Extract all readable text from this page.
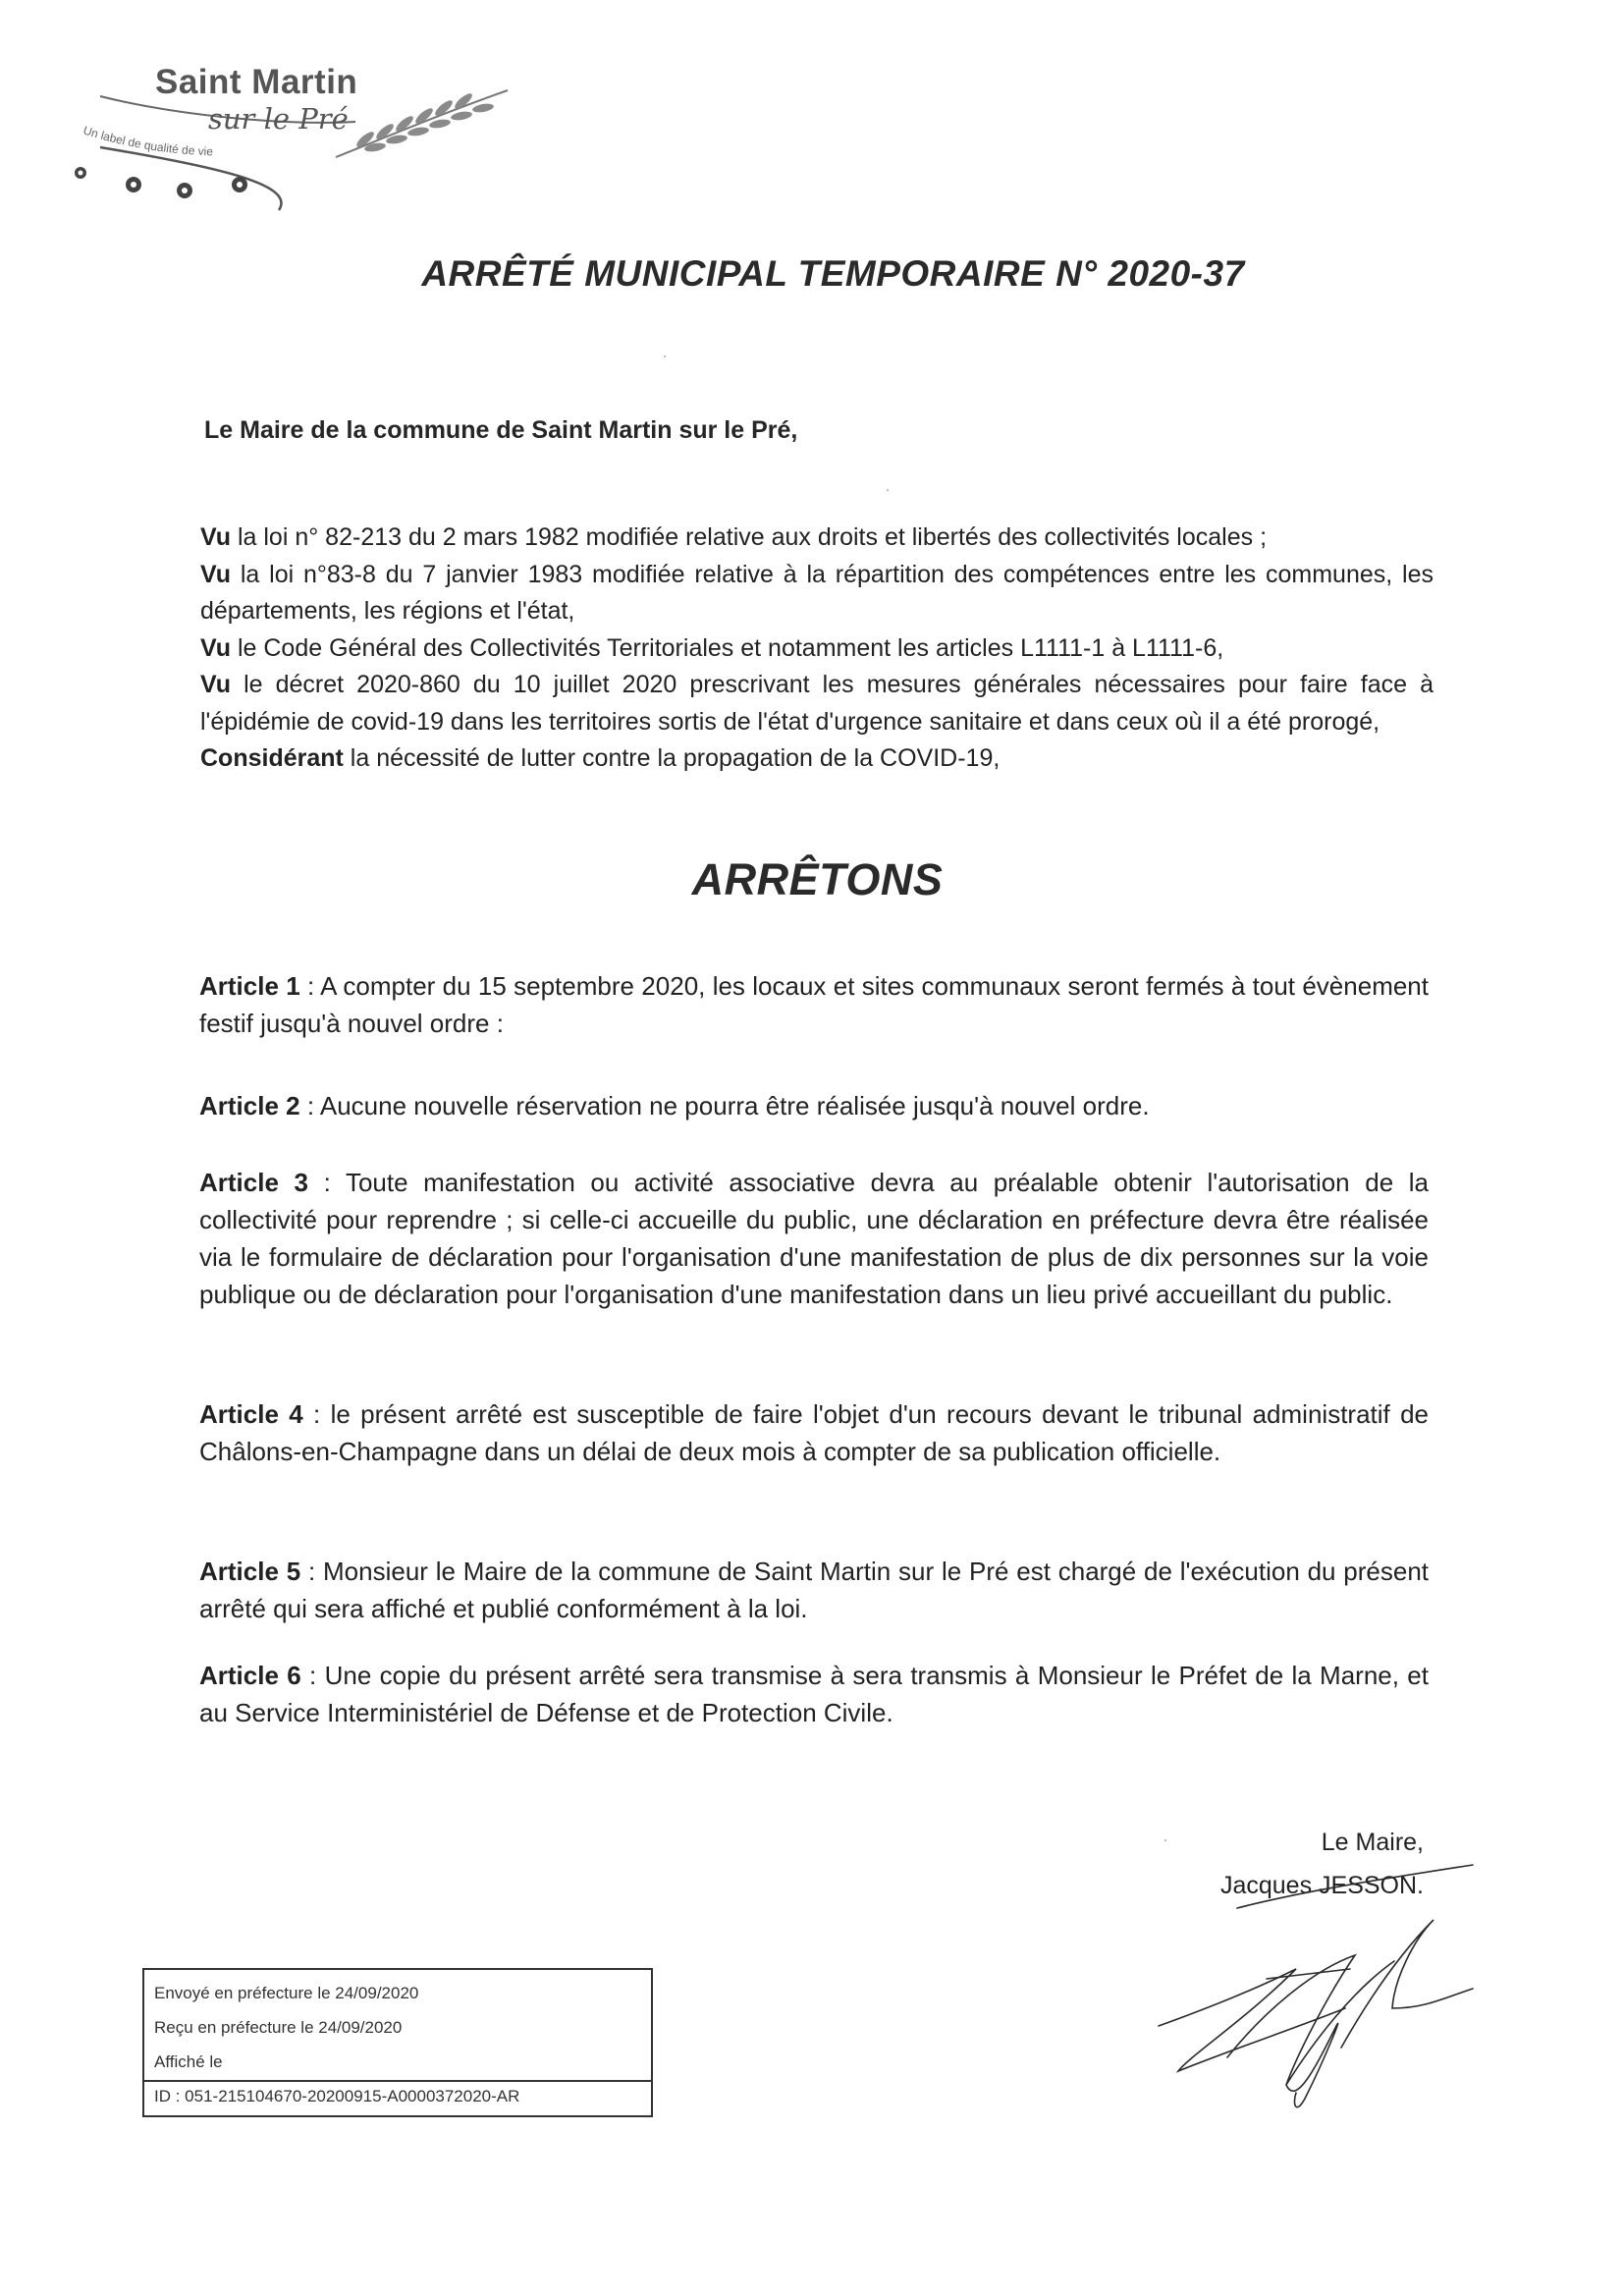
Saint Martin
sur le Pré
Un label de qualité de vie
ARRÊTÉ MUNICIPAL TEMPORAIRE N° 2020-37
Le Maire de la commune de Saint Martin sur le Pré,

Vu la loi n° 82-213 du 2 mars 1982 modifiée relative aux droits et libertés des collectivités locales ;

Vu la loi n°83-8 du 7 janvier 1983 modifiée relative à la répartition des compétences entre les communes, les départements, les régions et l'état,

Vu le Code Général des Collectivités Territoriales et notamment les articles L1111-1 à L1111-6,

Vu le décret 2020-860 du 10 juillet 2020 prescrivant les mesures générales nécessaires pour faire face à l'épidémie de covid-19 dans les territoires sortis de l'état d'urgence sanitaire et dans ceux où il a été prorogé,

Considérant la nécessité de lutter contre la propagation de la COVID-19,

ARRÊTONS

Article 1 : A compter du 15 septembre 2020, les locaux et sites communaux seront fermés à tout évènement festif jusqu'à nouvel ordre :

Article 2 : Aucune nouvelle réservation ne pourra être réalisée jusqu'à nouvel ordre.

Article 3 : Toute manifestation ou activité associative devra au préalable obtenir l'autorisation de la collectivité pour reprendre ; si celle-ci accueille du public, une déclaration en préfecture devra être réalisée via le formulaire de déclaration pour l'organisation d'une manifestation de plus de dix personnes sur la voie publique ou de déclaration pour l'organisation d'une manifestation dans un lieu privé accueillant du public.

Article 4 : le présent arrêté est susceptible de faire l'objet d'un recours devant le tribunal administratif de Châlons-en-Champagne dans un délai de deux mois à compter de sa publication officielle.

Article 5 : Monsieur le Maire de la commune de Saint Martin sur le Pré est chargé de l'exécution du présent arrêté qui sera affiché et publié conformément à la loi.

Article 6 : Une copie du présent arrêté sera transmise à sera transmis à Monsieur le Préfet de la Marne, et au Service Interministériel de Défense et de Protection Civile.

Le Maire,
Jacques JESSON.
Envoyé en préfecture le 24/09/2020
Reçu en préfecture le 24/09/2020
Affiché le
ID : 051-215104670-20200915-A0000372020-AR
